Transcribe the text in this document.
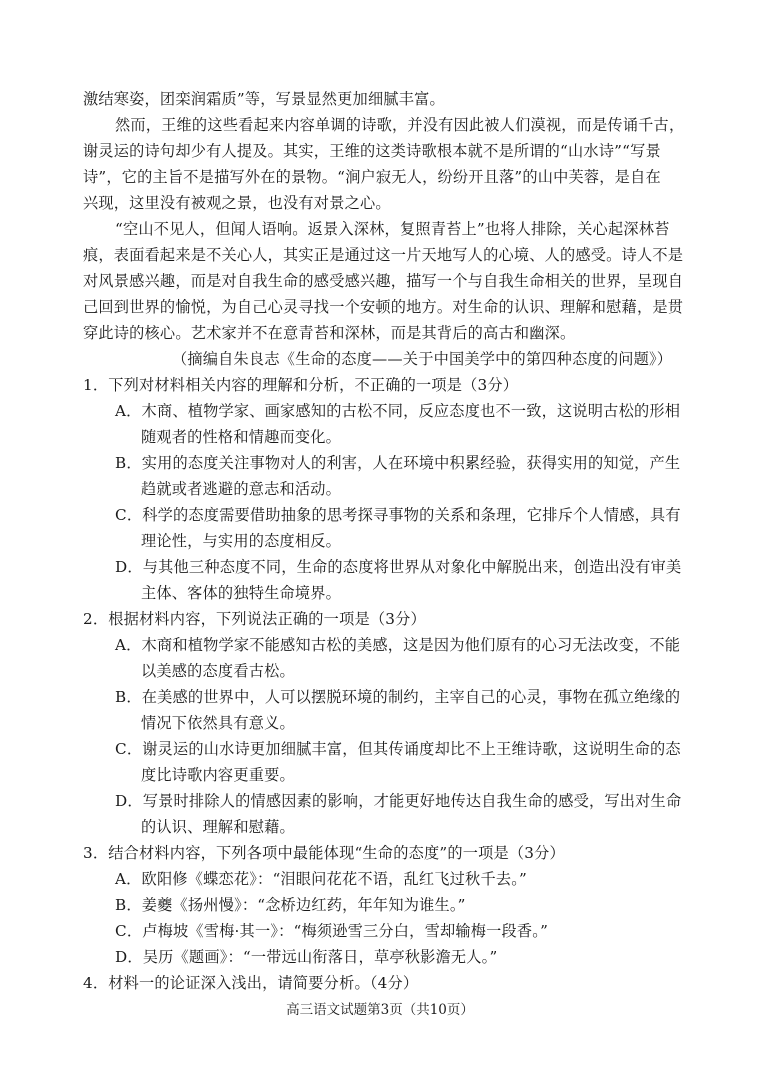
激结寒姿，团栾润霜质”等，写景显然更加细腻丰富。
然而，王维的这些看起来内容单调的诗歌，并没有因此被人们漠视，而是传诵千古，
谢灵运的诗句却少有人提及。其实，王维的这类诗歌根本就不是所谓的“山水诗”“写景
诗”，它的主旨不是描写外在的景物。“涧户寂无人，纷纷开且落”的山中芙蓉，是自在
兴现，这里没有被观之景，也没有对景之心。
“空山不见人，但闻人语响。返景入深林，复照青苔上”也将人排除，关心起深林苔
痕，表面看起来是不关心人，其实正是通过这一片天地写人的心境、人的感受。诗人不是
对风景感兴趣，而是对自我生命的感受感兴趣，描写一个与自我生命相关的世界，呈现自
己回到世界的愉悦，为自己心灵寻找一个安顿的地方。对生命的认识、理解和慰藉，是贯
穿此诗的核心。艺术家并不在意青苔和深林，而是其背后的高古和幽深。
（摘编自朱良志《生命的态度——关于中国美学中的第四种态度的问题》）
1．下列对材料相关内容的理解和分析，不正确的一项是（3分）
A．木商、植物学家、画家感知的古松不同，反应态度也不一致，这说明古松的形相
随观者的性格和情趣而变化。
B．实用的态度关注事物对人的利害，人在环境中积累经验，获得实用的知觉，产生
趋就或者逃避的意志和活动。
C．科学的态度需要借助抽象的思考探寻事物的关系和条理，它排斥个人情感，具有
理论性，与实用的态度相反。
D．与其他三种态度不同，生命的态度将世界从对象化中解脱出来，创造出没有审美
主体、客体的独特生命境界。
2．根据材料内容，下列说法正确的一项是（3分）
A．木商和植物学家不能感知古松的美感，这是因为他们原有的心习无法改变，不能
以美感的态度看古松。
B．在美感的世界中，人可以摆脱环境的制约，主宰自己的心灵，事物在孤立绝缘的
情况下依然具有意义。
C．谢灵运的山水诗更加细腻丰富，但其传诵度却比不上王维诗歌，这说明生命的态
度比诗歌内容更重要。
D．写景时排除人的情感因素的影响，才能更好地传达自我生命的感受，写出对生命
的认识、理解和慰藉。
3．结合材料内容，下列各项中最能体现“生命的态度”的一项是（3分）
A．欧阳修《蝶恋花》：“泪眼问花花不语，乱红飞过秋千去。”
B．姜夔《扬州慢》：“念桥边红药，年年知为谁生。”
C．卢梅坡《雪梅·其一》：“梅须逊雪三分白，雪却输梅一段香。”
D．吴历《题画》：“一带远山衔落日，草亭秋影澹无人。”
4．材料一的论证深入浅出，请简要分析。（4分）
高三语文试题第3页（共10页）
